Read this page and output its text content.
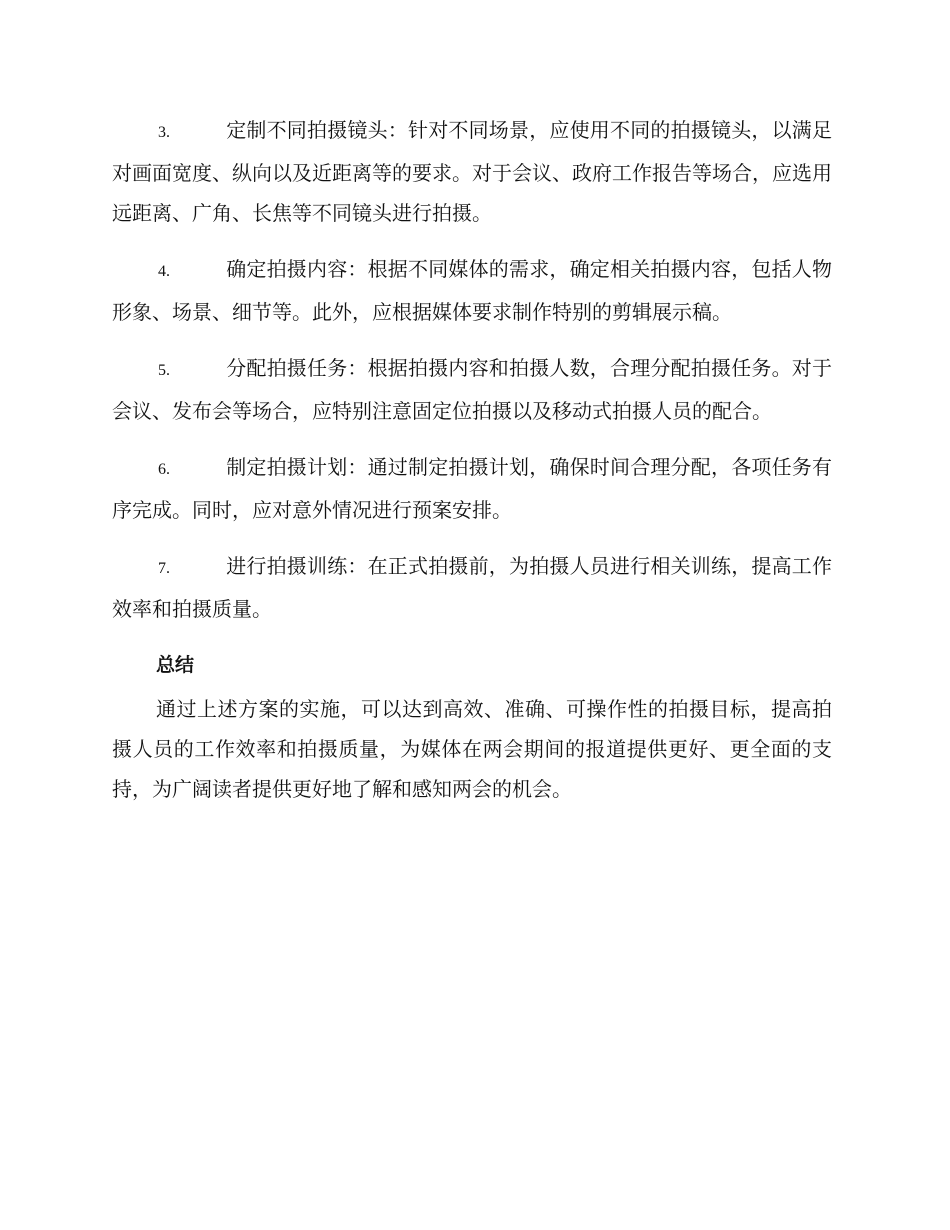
3.	定制不同拍摄镜头：针对不同场景，应使用不同的拍摄镜头，以满足对画面宽度、纵向以及近距离等的要求。对于会议、政府工作报告等场合，应选用远距离、广角、长焦等不同镜头进行拍摄。

4.	确定拍摄内容：根据不同媒体的需求，确定相关拍摄内容，包括人物形象、场景、细节等。此外，应根据媒体要求制作特别的剪辑展示稿。

5.	分配拍摄任务：根据拍摄内容和拍摄人数，合理分配拍摄任务。对于会议、发布会等场合，应特别注意固定位拍摄以及移动式拍摄人员的配合。

6.	制定拍摄计划：通过制定拍摄计划，确保时间合理分配，各项任务有序完成。同时，应对意外情况进行预案安排。

7.	进行拍摄训练：在正式拍摄前，为拍摄人员进行相关训练，提高工作效率和拍摄质量。

总结

通过上述方案的实施，可以达到高效、准确、可操作性的拍摄目标，提高拍摄人员的工作效率和拍摄质量，为媒体在两会期间的报道提供更好、更全面的支持，为广阔读者提供更好地了解和感知两会的机会。
